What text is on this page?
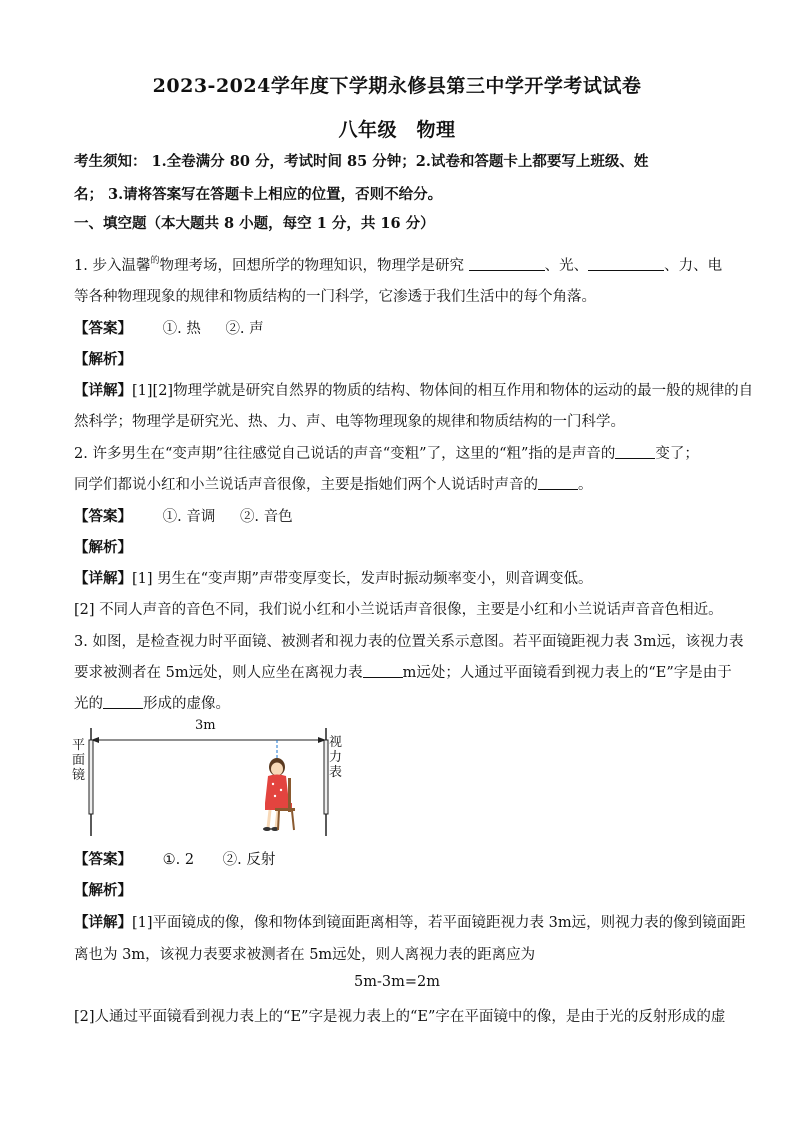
2023-2024学年度下学期永修县第三中学开学考试试卷
八年级　物理
考生须知： 1.全卷满分 80 分，考试时间 85 分钟；2.试卷和答题卡上都要写上班级、姓
名； 3.请将答案写在答题卡上相应的位置，否则不给分。
一、填空题（本大题共 8 小题，每空 1 分，共 16 分）
1. 步入温馨$^的$物理考场，回想所学的物理知识，物理学是研究	、光、	、力、电
等各种物理现象的规律和物质结构的一门科学，它渗透于我们生活中的每个角落。
【答案】 ①. 热 ②. 声
【解析】
【详解】[1][2]物理学就是研究自然界的物质的结构、物体间的相互作用和物体的运动的最一般的规律的自
然科学；物理学是研究光、热、力、声、电等物理现象的规律和物质结构的一门科学。
2. 许多男生在“变声期”往往感觉自己说话的声音“变粗”了，这里的“粗”指的是声音的	变了；
同学们都说小红和小兰说话声音很像，主要是指她们两个人说话时声音的	。
【答案】 ①. 音调 ②. 音色
【解析】
【详解】[1] 男生在“变声期”声带变厚变长，发声时振动频率变小，则音调变低。
[2] 不同人声音的音色不同，我们说小红和小兰说话声音很像，主要是小红和小兰说话声音音色相近。
3. 如图，是检查视力时平面镜、被测者和视力表的位置关系示意图。若平面镜距视力表 3m远，该视力表
要求被测者在 5m远处，则人应坐在离视力表	m远处；人通过平面镜看到视力表上的“E”字是由于
光的	形成的虚像。
3m
平面镜
视力表
【答案】 ①. 2 ②. 反射
【解析】
【详解】[1]平面镜成的像，像和物体到镜面距离相等，若平面镜距视力表 3m远，则视力表的像到镜面距
离也为 3m，该视力表要求被测者在 5m远处，则人离视力表的距离应为
5m-3m=2m
[2]人通过平面镜看到视力表上的“E”字是视力表上的“E”字在平面镜中的像，是由于光的反射形成的虚
